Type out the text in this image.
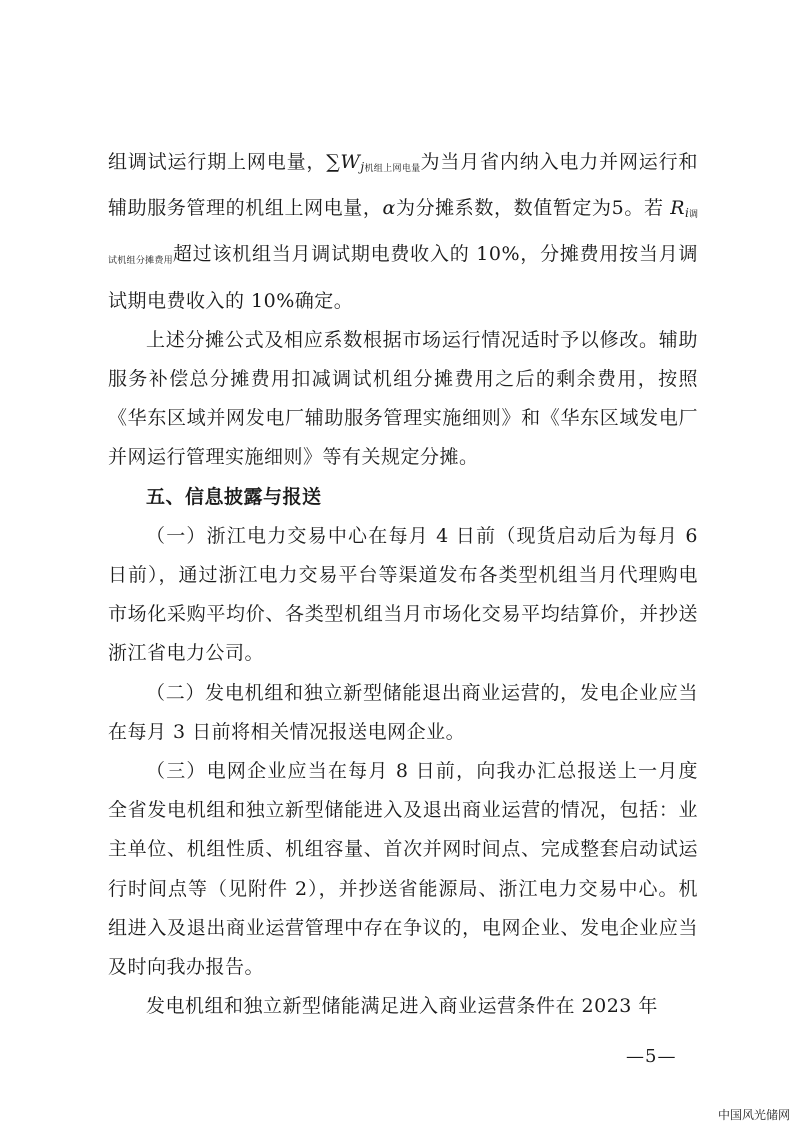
组调试运行期上网电量，$\sum W_{j机组上网电量}$为当月省内纳入电力并网运行和辅助服务管理的机组上网电量，α为分摊系数，数值暂定为5。若 $R_{i调试机组分摊费用}$超过该机组当月调试期电费收入的 10%，分摊费用按当月调试期电费收入的 10%确定。

上述分摊公式及相应系数根据市场运行情况适时予以修改。辅助服务补偿总分摊费用扣减调试机组分摊费用之后的剩余费用，按照《华东区域并网发电厂辅助服务管理实施细则》和《华东区域发电厂并网运行管理实施细则》等有关规定分摊。

五、信息披露与报送

（一）浙江电力交易中心在每月 4 日前（现货启动后为每月 6 日前），通过浙江电力交易平台等渠道发布各类型机组当月代理购电市场化采购平均价、各类型机组当月市场化交易平均结算价，并抄送浙江省电力公司。

（二）发电机组和独立新型储能退出商业运营的，发电企业应当在每月 3 日前将相关情况报送电网企业。

（三）电网企业应当在每月 8 日前，向我办汇总报送上一月度全省发电机组和独立新型储能进入及退出商业运营的情况，包括：业主单位、机组性质、机组容量、首次并网时间点、完成整套启动试运行时间点等（见附件 2），并抄送省能源局、浙江电力交易中心。机组进入及退出商业运营管理中存在争议的，电网企业、发电企业应当及时向我办报告。

发电机组和独立新型储能满足进入商业运营条件在 2023 年

—5—
中国风光储网
